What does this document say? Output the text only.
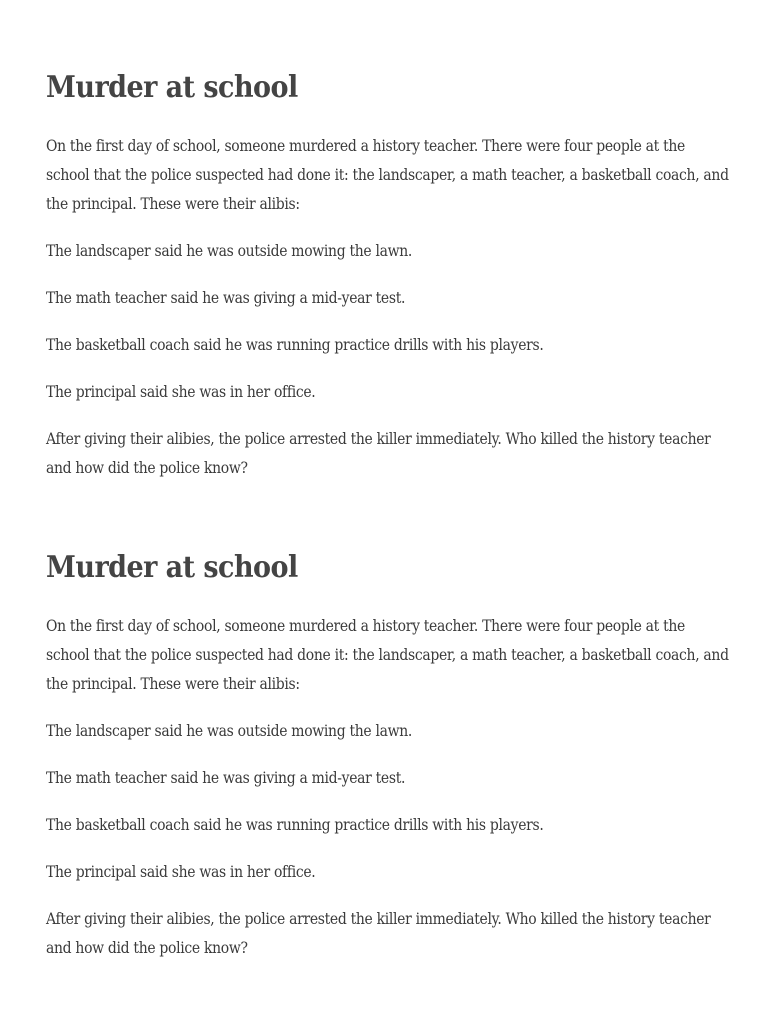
Murder at school

On the first day of school, someone murdered a history teacher. There were four people at the school that the police suspected had done it: the landscaper, a math teacher, a basketball coach, and the principal. These were their alibis:

The landscaper said he was outside mowing the lawn.

The math teacher said he was giving a mid-year test.

The basketball coach said he was running practice drills with his players.

The principal said she was in her office.

After giving their alibies, the police arrested the killer immediately. Who killed the history teacher and how did the police know?

Murder at school

On the first day of school, someone murdered a history teacher. There were four people at the school that the police suspected had done it: the landscaper, a math teacher, a basketball coach, and the principal. These were their alibis:

The landscaper said he was outside mowing the lawn.

The math teacher said he was giving a mid-year test.

The basketball coach said he was running practice drills with his players.

The principal said she was in her office.

After giving their alibies, the police arrested the killer immediately. Who killed the history teacher and how did the police know?
